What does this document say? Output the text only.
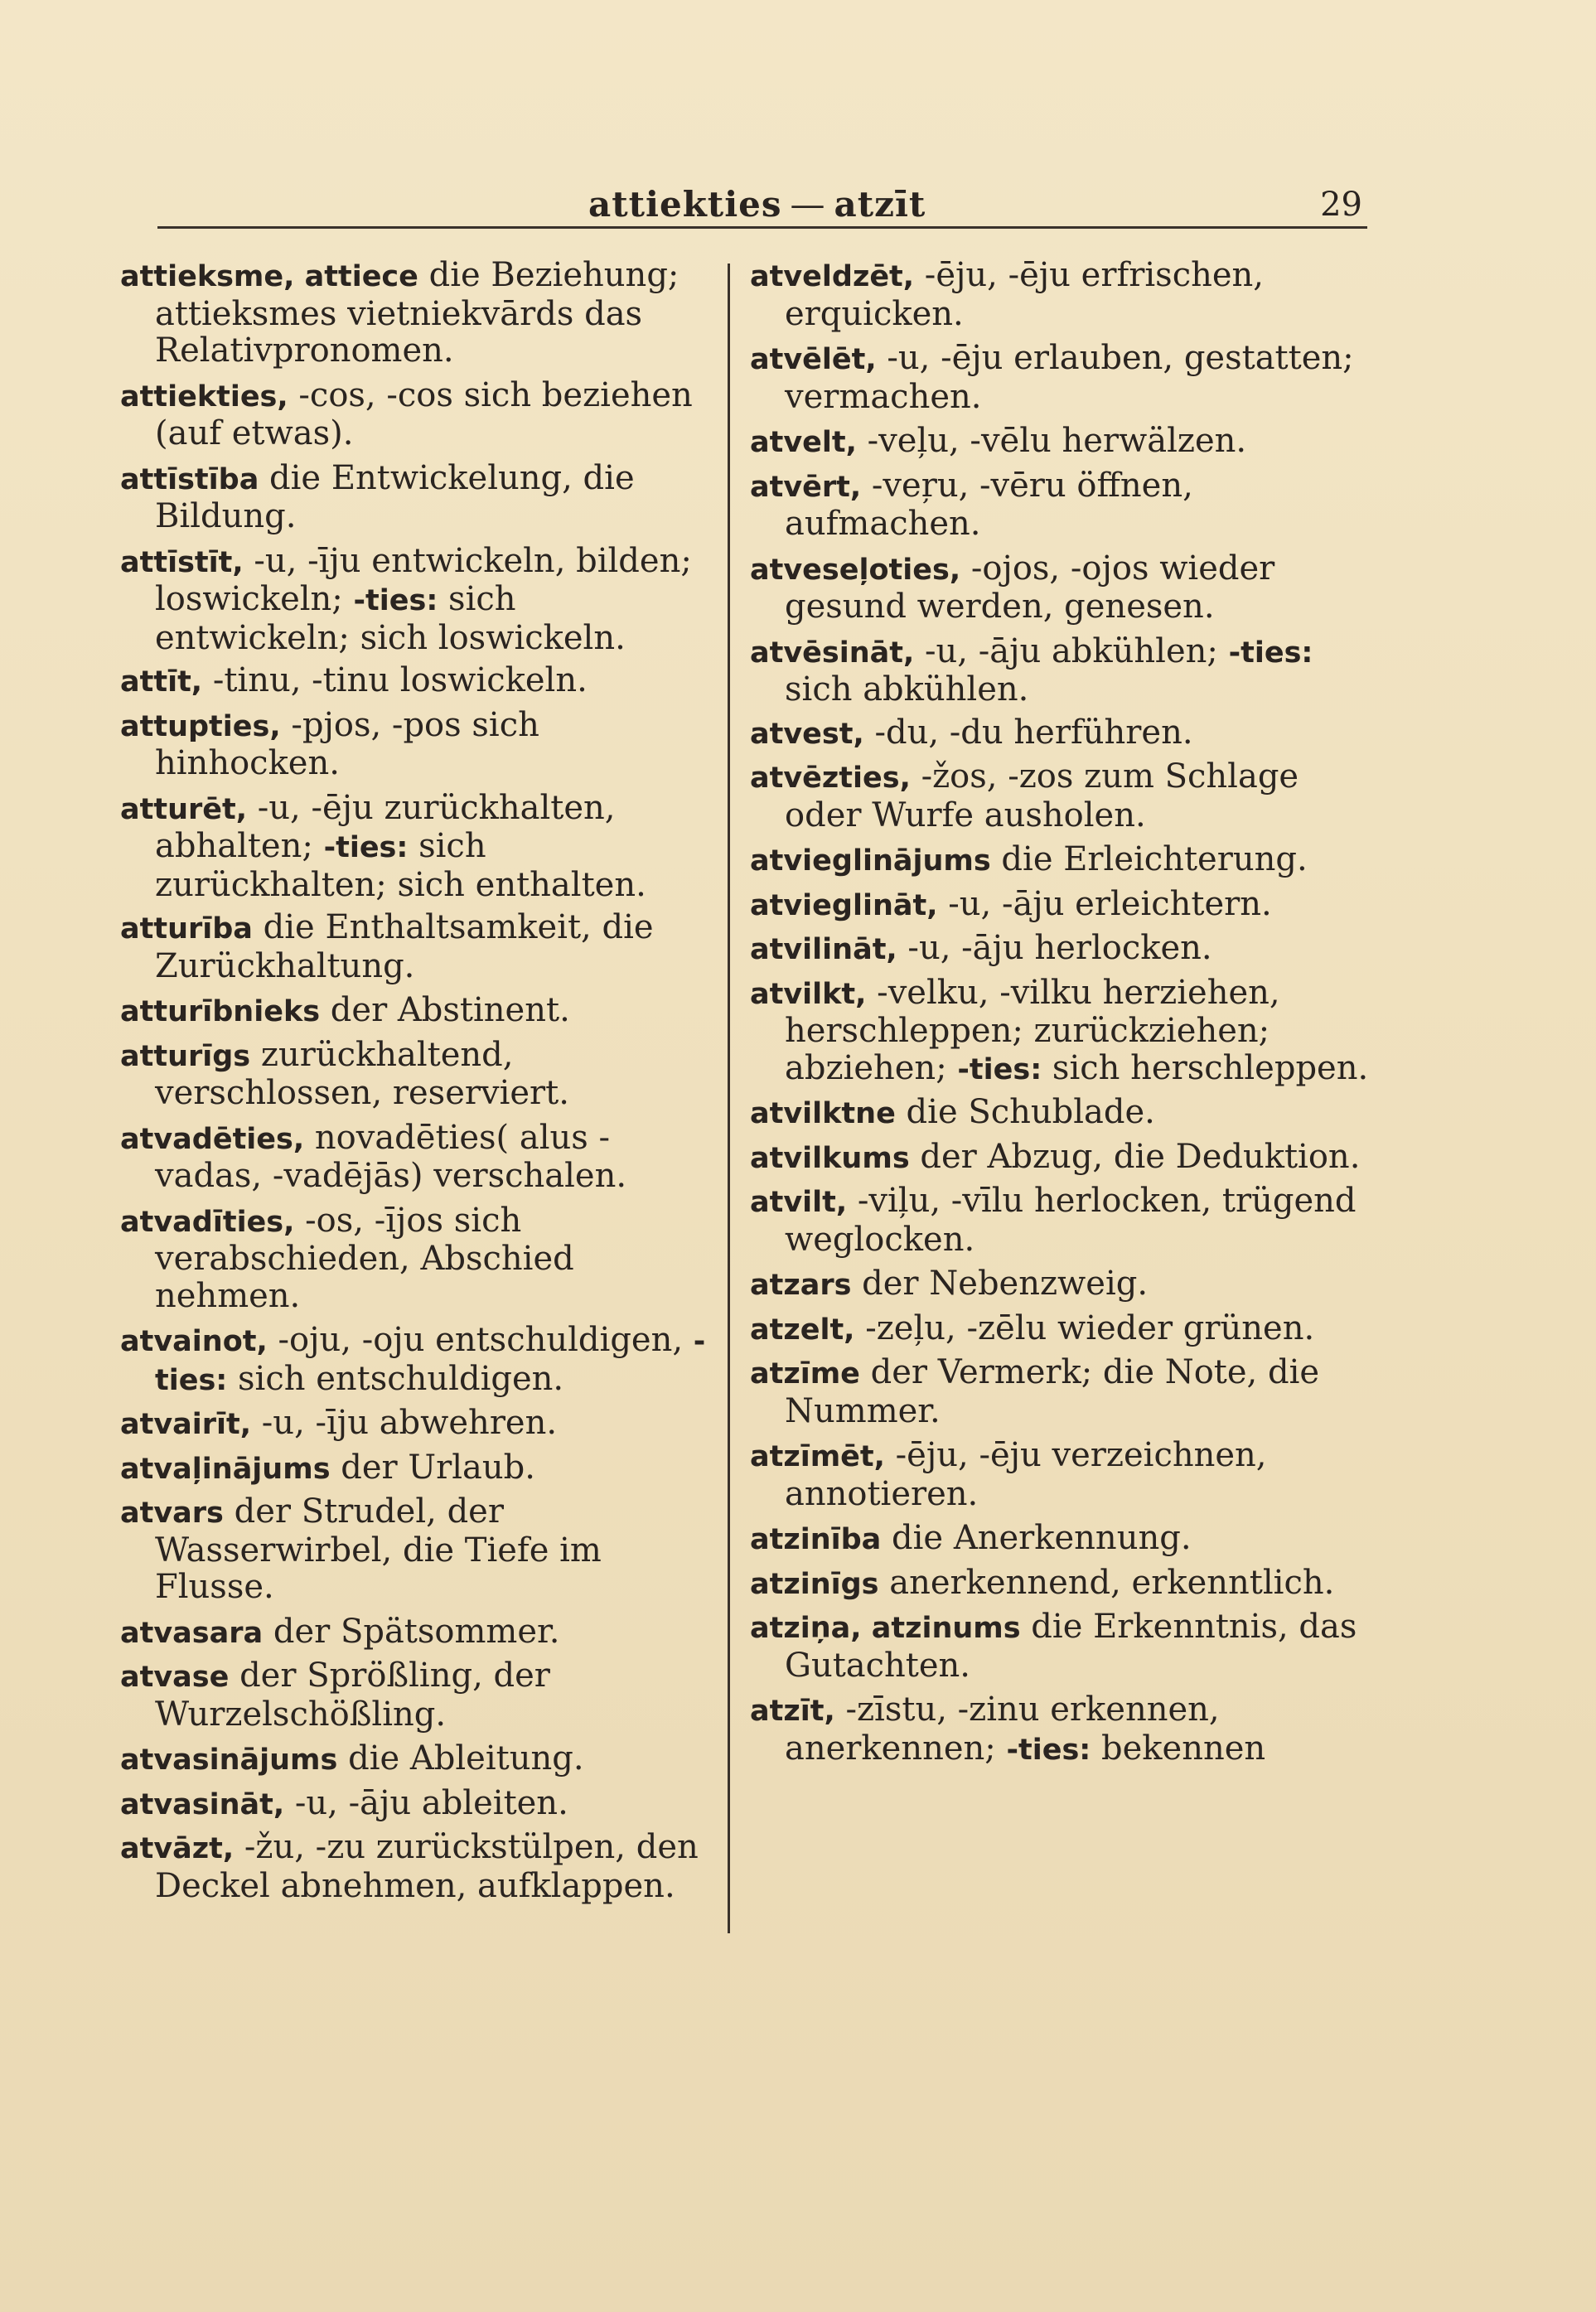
attiekties — atzīt	29

attieksme, attiece die Beziehung; attieksmes vietniekvārds das Relativpronomen.

attiekties, -cos, -cos sich beziehen (auf etwas).

attīstība die Entwickelung, die Bildung.

attīstīt, -u, -īju entwickeln, bilden; loswickeln; -ties: sich entwickeln; sich loswickeln.

attīt, -tinu, -tinu loswickeln.

attupties, -pjos, -pos sich hinhocken.

atturēt, -u, -ēju zurückhalten, abhalten; -ties: sich zurückhalten; sich enthalten.

atturība die Enthaltsamkeit, die Zurückhaltung.

atturībnieks der Abstinent.

atturīgs zurückhaltend, verschlossen, reserviert.

atvadēties, novadēties( alus -vadas, -vadējās) verschalen.

atvadīties, -os, -ījos sich verabschieden, Abschied nehmen.

atvainot, -oju, -oju entschuldigen, -ties: sich entschuldigen.

atvairīt, -u, -īju abwehren.

atvaļinājums der Urlaub.

atvars der Strudel, der Wasserwirbel, die Tiefe im Flusse.

atvasara der Spätsommer.

atvase der Sprößling, der Wurzelschößling.

atvasinājums die Ableitung.

atvasināt, -u, -āju ableiten.

atvāzt, -žu, -zu zurückstülpen, den Deckel abnehmen, aufklappen.

atveldzēt, -ēju, -ēju erfrischen, erquicken.

atvēlēt, -u, -ēju erlauben, gestatten; vermachen.

atvelt, -veļu, -vēlu herwälzen.

atvērt, -veŗu, -vēru öffnen, aufmachen.

atveseļoties, -ojos, -ojos wieder gesund werden, genesen.

atvēsināt, -u, -āju abkühlen; -ties: sich abkühlen.

atvest, -du, -du herführen.

atvēzties, -žos, -zos zum Schlage oder Wurfe ausholen.

atvieglinājums die Erleichterung.

atvieglināt, -u, -āju erleichtern.

atvilināt, -u, -āju herlocken.

atvilkt, -velku, -vilku herziehen, herschleppen; zurückziehen; abziehen; -ties: sich herschleppen.

atvilktne die Schublade.

atvilkums der Abzug, die Deduktion.

atvilt, -viļu, -vīlu herlocken, trügend weglocken.

atzars der Nebenzweig.

atzelt, -zeļu, -zēlu wieder grünen.

atzīme der Vermerk; die Note, die Nummer.

atzīmēt, -ēju, -ēju verzeichnen, annotieren.

atzinība die Anerkennung.

atzinīgs anerkennend, erkenntlich.

atziņa, atzinums die Erkenntnis, das Gutachten.

atzīt, -zīstu, -zinu erkennen, anerkennen; -ties: bekennen
